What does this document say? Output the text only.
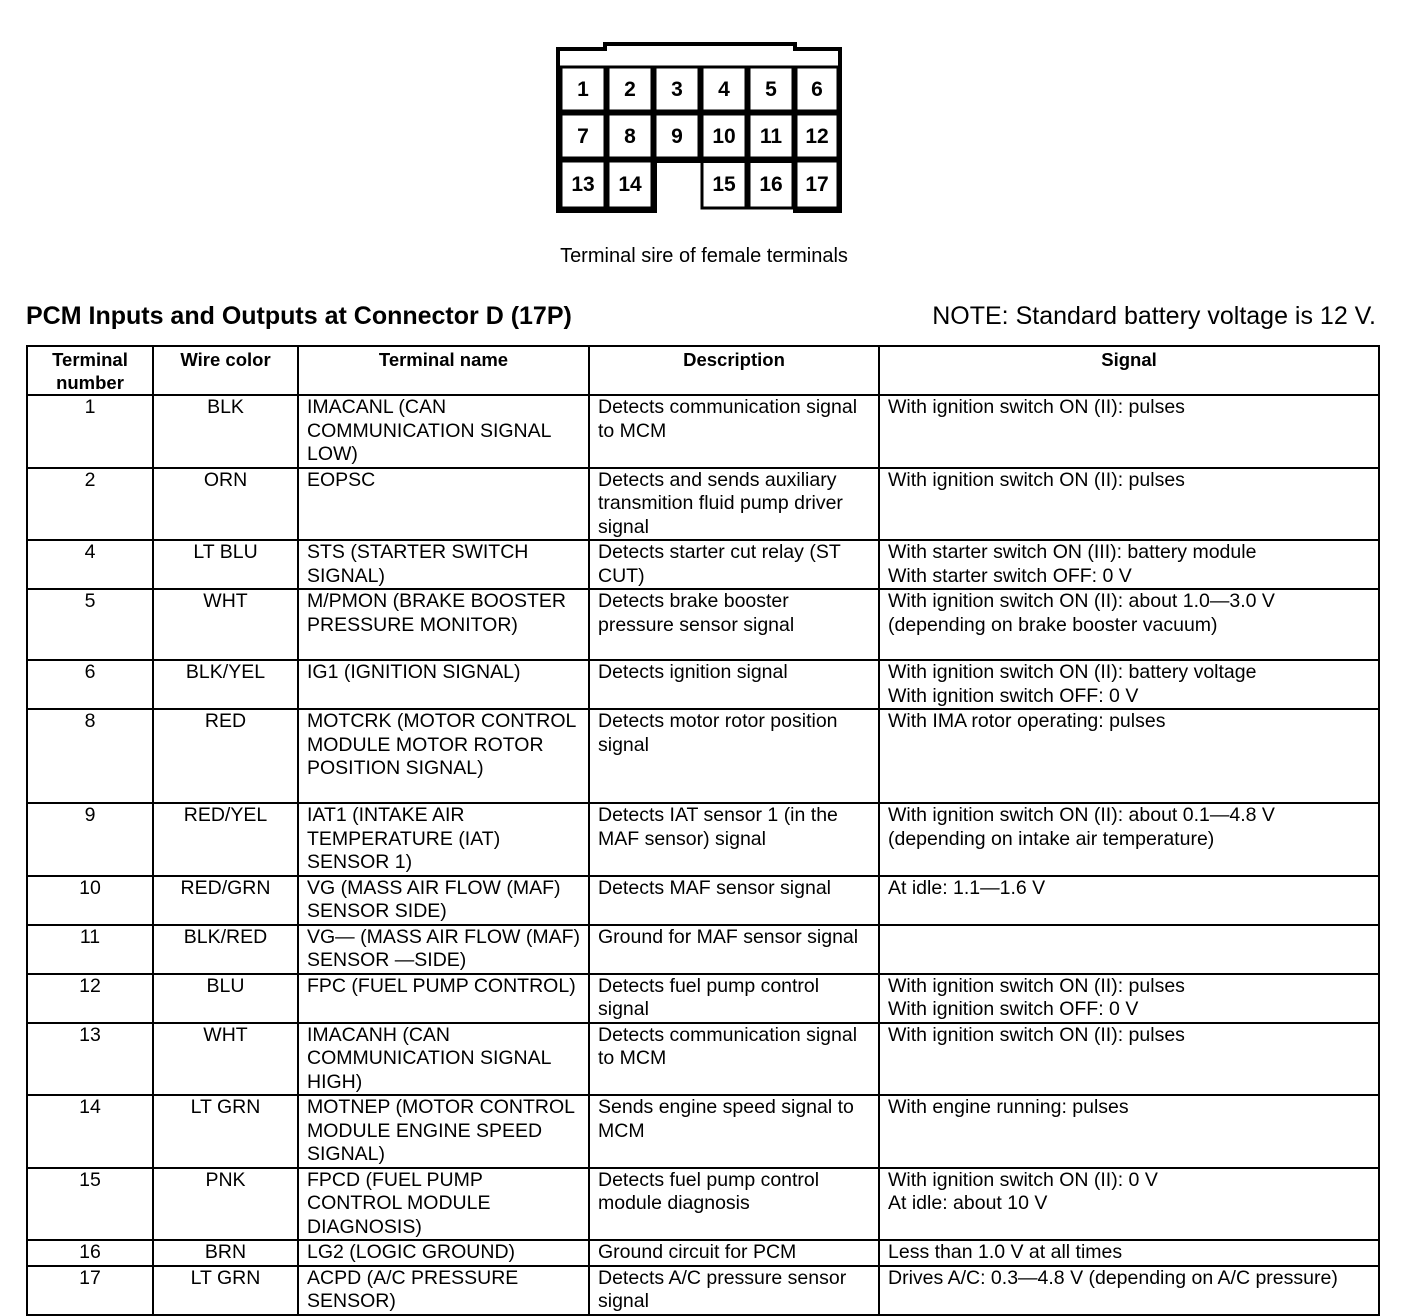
1 2 3 4 5 6
7 8 9 10 11 12
13 14	15 16 17
Terminal sire of female terminals
PCM Inputs and Outputs at Connector D (17P)	NOTE: Standard battery voltage is 12 V.
Terminal
number	Wire color	Terminal name	Description	Signal
1	BLK	IMACANL (CAN COMMUNICATION SIGNAL LOW)	Detects communication signal to MCM	With ignition switch ON (II): pulses

2	ORN	EOPSC	Detects and sends auxiliary transmition fluid pump driver signal	With ignition switch ON (II): pulses

4	LT BLU	STS (STARTER SWITCH SIGNAL)	Detects starter cut relay (ST CUT)	With starter switch ON (III): battery module
With starter switch OFF: 0 V

5	WHT	M/PMON (BRAKE BOOSTER PRESSURE MONITOR)	Detects brake booster pressure sensor signal	With ignition switch ON (II): about 1.0—3.0 V
(depending on brake booster vacuum)

6	BLK/YEL	IG1 (IGNITION SIGNAL)	Detects ignition signal	With ignition switch ON (II): battery voltage
With ignition switch OFF: 0 V

8	RED	MOTCRK (MOTOR CONTROL MODULE MOTOR ROTOR POSITION SIGNAL)	Detects motor rotor position signal	With IMA rotor operating: pulses

9	RED/YEL	IAT1 (INTAKE AIR TEMPERATURE (IAT) SENSOR 1)	Detects IAT sensor 1 (in the MAF sensor) signal	With ignition switch ON (II): about 0.1—4.8 V
(depending on intake air temperature)

10	RED/GRN	VG (MASS AIR FLOW (MAF) SENSOR SIDE)	Detects MAF sensor signal	At idle: 1.1—1.6 V

11	BLK/RED	VG— (MASS AIR FLOW (MAF) SENSOR —SIDE)	Ground for MAF sensor signal	

12	BLU	FPC (FUEL PUMP CONTROL)	Detects fuel pump control signal	With ignition switch ON (II): pulses
With ignition switch OFF: 0 V

13	WHT	IMACANH (CAN COMMUNICATION SIGNAL HIGH)	Detects communication signal to MCM	With ignition switch ON (II): pulses

14	LT GRN	MOTNEP (MOTOR CONTROL MODULE ENGINE SPEED SIGNAL)	Sends engine speed signal to MCM	With engine running: pulses

15	PNK	FPCD (FUEL PUMP CONTROL MODULE DIAGNOSIS)	Detects fuel pump control module diagnosis	With ignition switch ON (II): 0 V
At idle: about 10 V

16	BRN	LG2 (LOGIC GROUND)	Ground circuit for PCM	Less than 1.0 V at all times

17	LT GRN	ACPD (A/C PRESSURE SENSOR)	Detects A/C pressure sensor signal	Drives A/C: 0.3—4.8 V (depending on A/C pressure)
